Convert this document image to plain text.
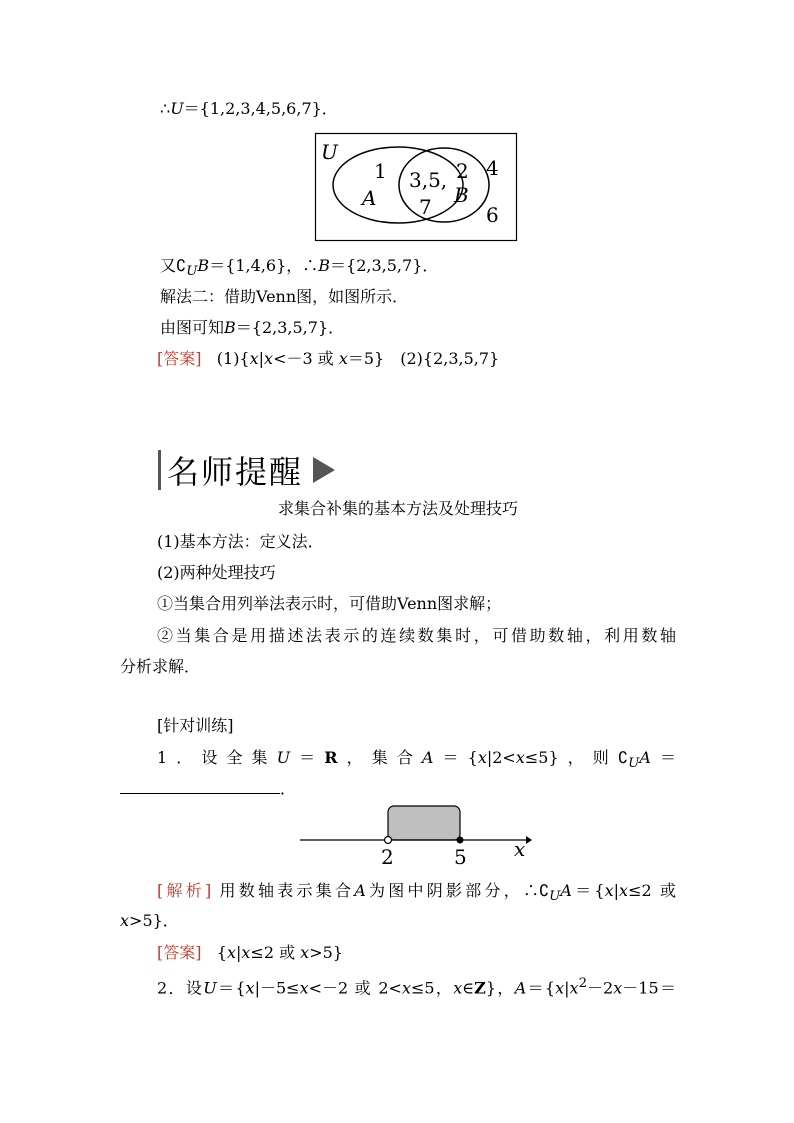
∴U＝{1,2,3,4,5,6,7}．
U
1
A
3,5,
7
2
B
4
6
又$∁_UB=\{1,4,6\}$，∴B＝{2,3,5,7}．
解法二：借助Venn图，如图所示．
由图可知B＝{2,3,5,7}．
[答案] (1){x|x<－3 或 x＝5}　(2){2,3,5,7}
名师提醒
求集合补集的基本方法及处理技巧
(1)基本方法：定义法．
(2)两种处理技巧
①当集合用列举法表示时，可借助Venn图求解；
②当集合是用描述法表示的连续数集时，可借助数轴，利用数轴
分析求解．
[针对训练]
1．设全集U＝R，集合A＝{x|2<x≤5}，则$∁_UA=$
．
2	5 x
[解析] 用数轴表示集合A为图中阴影部分，$\therefore∁_UA=\{x|x\le 2$ 或
x>5}．
[答案] {x|x≤2 或 x>5}
2．设U＝{x|－5≤x<－2 或 2<x≤5，x∈Z}，$A=\{x|x^2-2x-15=$
